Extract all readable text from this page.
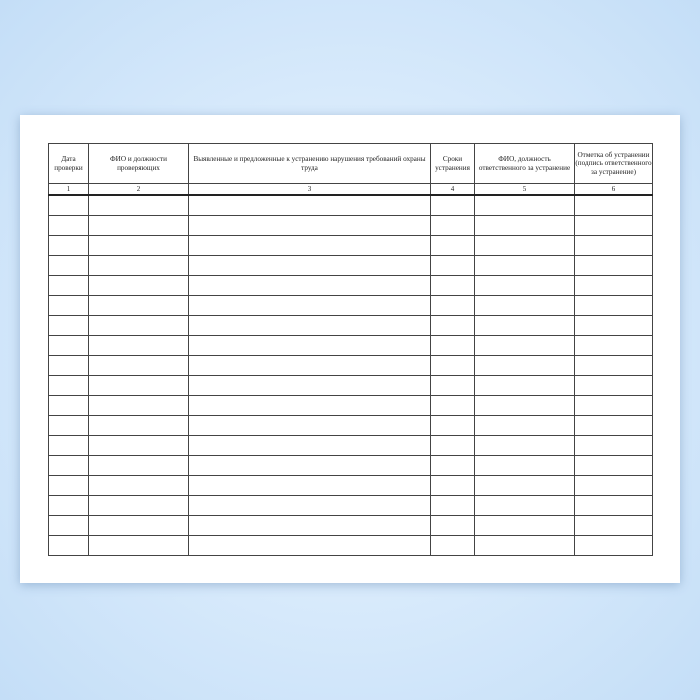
Дата проверки	ФИО и должности проверяющих	Выявленные и предложенные к устранению нарушения требований охраны труда	Сроки устранения	ФИО, должность ответственного за устранение	Отметка об устранении (подпись ответственного за устранение)
1	2	3	4	5	6
